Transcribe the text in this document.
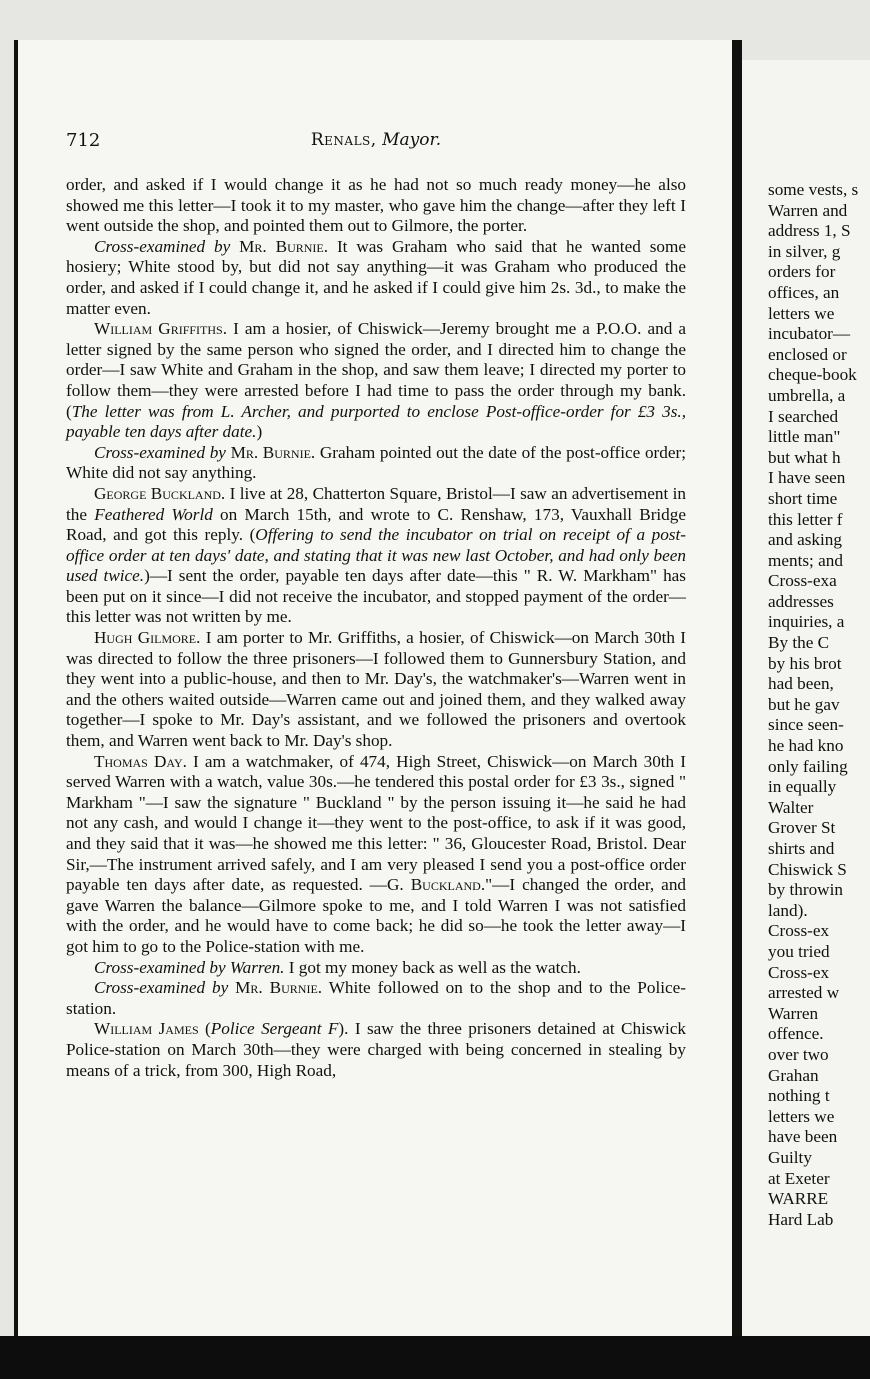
some vests, s
Warren and
address 1, S
in silver, g
orders for
offices, an
letters we
incubator—
enclosed or
cheque-book
umbrella, a
I searched
little man"
but what h
I have seen
short time
this letter f
and asking
ments; and
Cross-exa
addresses
inquiries, a
By the C
by his brot
had been,
but he gav
since seen-
he had kno
only failing
in equally
Walter
Grover St
shirts and
Chiswick S
by throwin
land).
Cross-ex
you tried
Cross-ex
arrested w
Warren
offence.
over two
Grahan
nothing t
letters we
have been
Guilty
at Exeter
WARRE
Hard Lab
712	Renals, Mayor.

order, and asked if I would change it as he had not so much ready money—he also showed me this letter—I took it to my master, who gave him the change—after they left I went outside the shop, and pointed them out to Gilmore, the porter.

Cross-examined by Mr. Burnie. It was Graham who said that he wanted some hosiery; White stood by, but did not say anything—it was Graham who produced the order, and asked if I could change it, and he asked if I could give him 2s. 3d., to make the matter even.

William Griffiths. I am a hosier, of Chiswick—Jeremy brought me a P.O.O. and a letter signed by the same person who signed the order, and I directed him to change the order—I saw White and Graham in the shop, and saw them leave; I directed my porter to follow them—they were arrested before I had time to pass the order through my bank. (The letter was from L. Archer, and purported to enclose Post-office-order for £3 3s., payable ten days after date.)

Cross-examined by Mr. Burnie. Graham pointed out the date of the post-office order; White did not say anything.

George Buckland. I live at 28, Chatterton Square, Bristol—I saw an advertisement in the Feathered World on March 15th, and wrote to C. Renshaw, 173, Vauxhall Bridge Road, and got this reply. (Offering to send the incubator on trial on receipt of a post-office order at ten days' date, and stating that it was new last October, and had only been used twice.)—I sent the order, payable ten days after date—this " R. W. Markham" has been put on it since—I did not receive the incubator, and stopped payment of the order—this letter was not written by me.

Hugh Gilmore. I am porter to Mr. Griffiths, a hosier, of Chiswick—on March 30th I was directed to follow the three prisoners—I followed them to Gunnersbury Station, and they went into a public-house, and then to Mr. Day's, the watchmaker's—Warren went in and the others waited outside—Warren came out and joined them, and they walked away together—I spoke to Mr. Day's assistant, and we followed the prisoners and overtook them, and Warren went back to Mr. Day's shop.

Thomas Day. I am a watchmaker, of 474, High Street, Chiswick—on March 30th I served Warren with a watch, value 30s.—he tendered this postal order for £3 3s., signed " Markham "—I saw the signature " Buckland " by the person issuing it—he said he had not any cash, and would I change it—they went to the post-office, to ask if it was good, and they said that it was—he showed me this letter: " 36, Gloucester Road, Bristol. Dear Sir,—The instrument arrived safely, and I am very pleased I send you a post-office order payable ten days after date, as requested. —G. Buckland."—I changed the order, and gave Warren the balance—Gilmore spoke to me, and I told Warren I was not satisfied with the order, and he would have to come back; he did so—he took the letter away—I got him to go to the Police-station with me.

Cross-examined by Warren. I got my money back as well as the watch.

Cross-examined by Mr. Burnie. White followed on to the shop and to the Police-station.

William James (Police Sergeant F). I saw the three prisoners detained at Chiswick Police-station on March 30th—they were charged with being concerned in stealing by means of a trick, from 300, High Road,
